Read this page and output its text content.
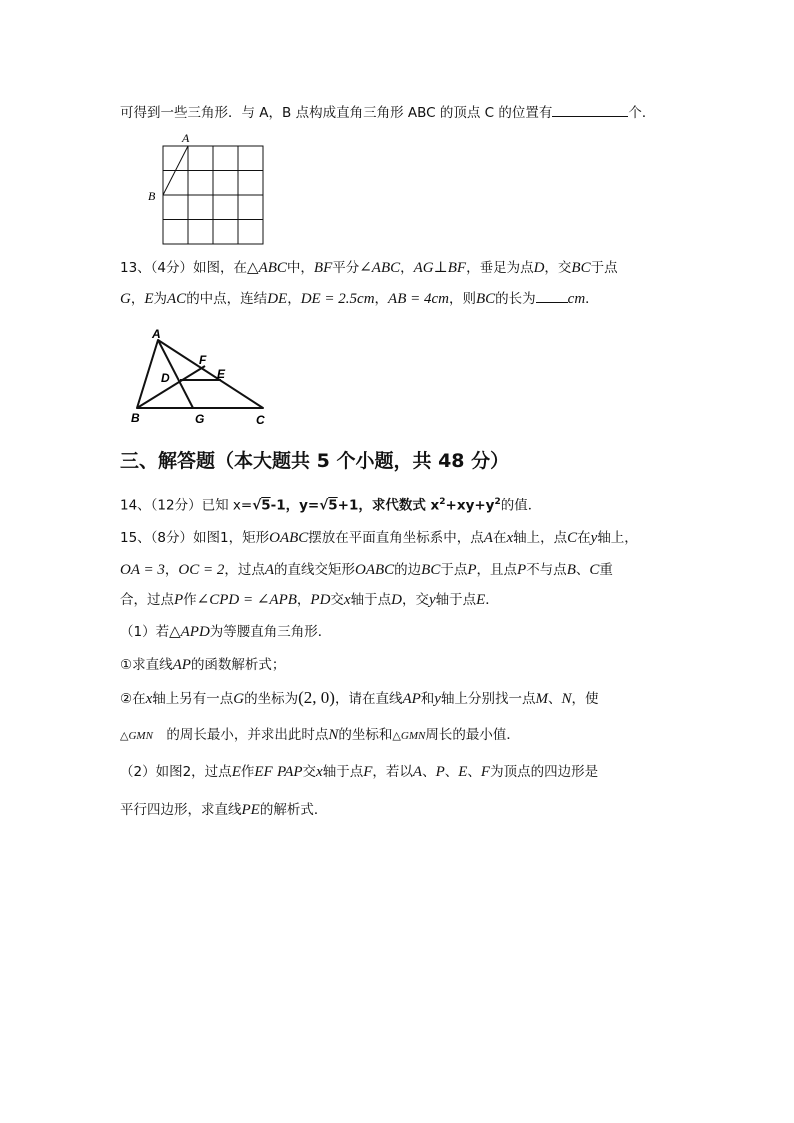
可得到一些三角形．与 A，B 点构成直角三角形 ABC 的顶点 C 的位置有	个．
A
B
13、（4分）如图，在△ABC中，BF平分∠ABC，AG⊥BF，垂足为点D，交BC于点
G，E为AC的中点，连结DE，DE = 2.5cm，AB = 4cm，则BC的长为 cm．
A
B	C
D	E
F
G
三、解答题（本大题共 5 个小题，共 48 分）
14、（12分）已知 x=√5-1，y=√5+1，求代数式 $x^2+xy+y^2$的值．
15、（8分）如图1，矩形OABC摆放在平面直角坐标系中，点A在x轴上，点C在y轴上，
OA = 3，OC = 2，过点A的直线交矩形OABC的边BC于点P，且点P不与点B、C重
合，过点P作∠CPD = ∠APB，PD交x轴于点D，交y轴于点E．
（1）若△APD为等腰直角三角形．
①求直线AP的函数解析式；
②在x轴上另有一点G的坐标为(2, 0)，请在直线AP和y轴上分别找一点M、N，使
△GMN　 的周长最小，并求出此时点N的坐标和△GMN周长的最小值．
（2）如图2，过点E作EF PAP交x轴于点F，若以A、P、E、F为顶点的四边形是
平行四边形，求直线PE的解析式．
